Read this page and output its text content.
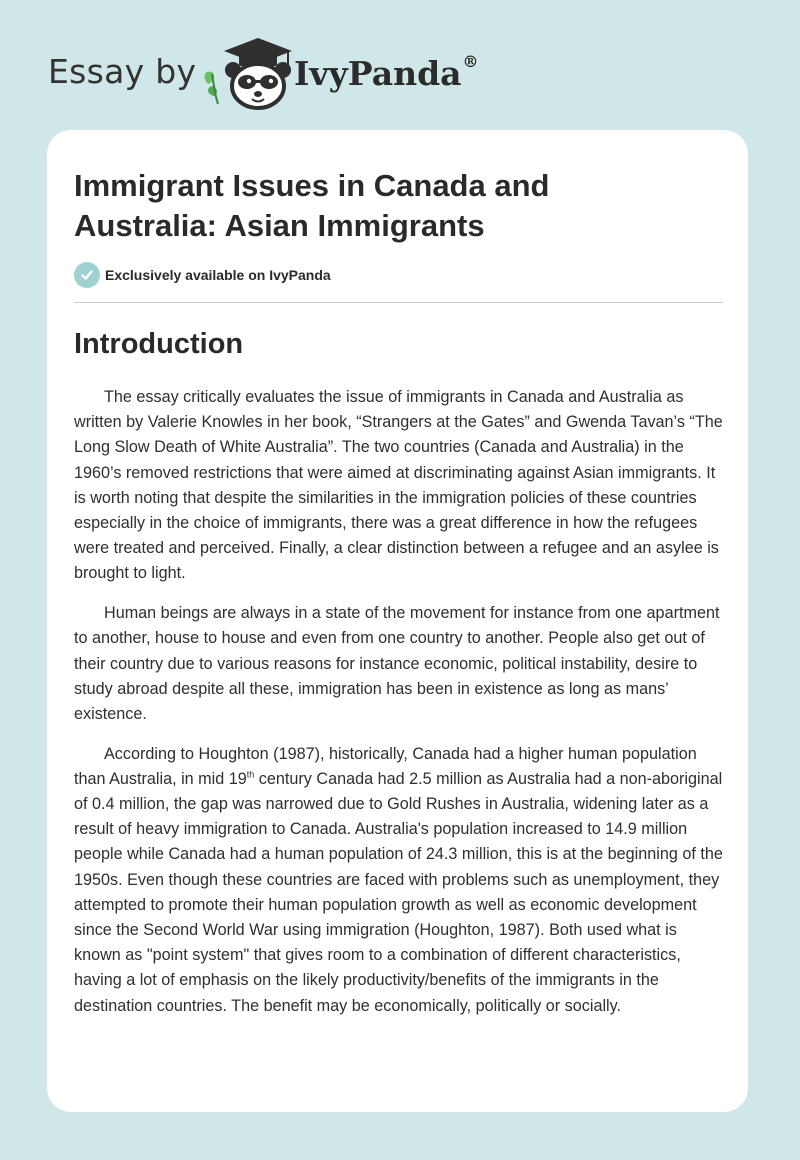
Essay by	IvyPanda®
Immigrant Issues in Canada and Australia: Asian Immigrants
Exclusively available on IvyPanda
Introduction

The essay critically evaluates the issue of immigrants in Canada and Australia as written by Valerie Knowles in her book, “Strangers at the Gates” and Gwenda Tavan’s “The Long Slow Death of White Australia”. The two countries (Canada and Australia) in the 1960’s removed restrictions that were aimed at discriminating against Asian immigrants. It is worth noting that despite the similarities in the immigration policies of these countries especially in the choice of immigrants, there was a great difference in how the refugees were treated and perceived. Finally, a clear distinction between a refugee and an asylee is brought to light.

Human beings are always in a state of the movement for instance from one apartment to another, house to house and even from one country to another. People also get out of their country due to various reasons for instance economic, political instability, desire to study abroad despite all these, immigration has been in existence as long as mans’ existence.

According to Houghton (1987), historically, Canada had a higher human population than Australia, in mid 19th century Canada had 2.5 million as Australia had a non-aboriginal of 0.4 million, the gap was narrowed due to Gold Rushes in Australia, widening later as a result of heavy immigration to Canada. Australia's population increased to 14.9 million people while Canada had a human population of 24.3 million, this is at the beginning of the 1950s. Even though these countries are faced with problems such as unemployment, they attempted to promote their human population growth as well as economic development since the Second World War using immigration (Houghton, 1987). Both used what is known as "point system" that gives room to a combination of different characteristics, having a lot of emphasis on the likely productivity/benefits of the immigrants in the destination countries. The benefit may be economically, politically or socially.
